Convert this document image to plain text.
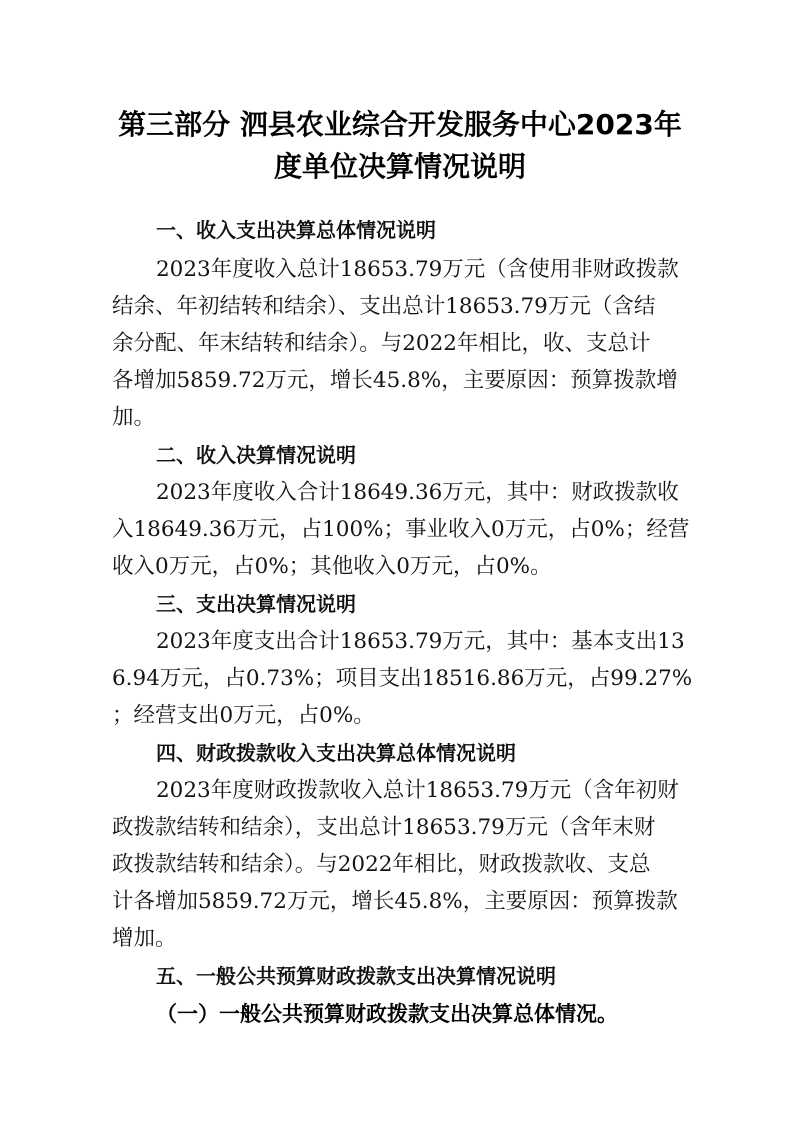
第三部分 泗县农业综合开发服务中心2023年
度单位决算情况说明
一、收入支出决算总体情况说明
2023年度收入总计18653.79万元（含使用非财政拨款
结余、年初结转和结余）、支出总计18653.79万元（含结
余分配、年末结转和结余）。与2022年相比，收、支总计
各增加5859.72万元，增长45.8%，主要原因：预算拨款增
加。
二、收入决算情况说明
2023年度收入合计18649.36万元，其中：财政拨款收
入18649.36万元，占100%；事业收入0万元，占0%；经营
收入0万元，占0%；其他收入0万元，占0%。
三、支出决算情况说明
2023年度支出合计18653.79万元，其中：基本支出13
6.94万元，占0.73%；项目支出18516.86万元，占99.27%
；经营支出0万元，占0%。
四、财政拨款收入支出决算总体情况说明
2023年度财政拨款收入总计18653.79万元（含年初财
政拨款结转和结余），支出总计18653.79万元（含年末财
政拨款结转和结余）。与2022年相比，财政拨款收、支总
计各增加5859.72万元，增长45.8%，主要原因：预算拨款
增加。
五、一般公共预算财政拨款支出决算情况说明
（一）一般公共预算财政拨款支出决算总体情况。
